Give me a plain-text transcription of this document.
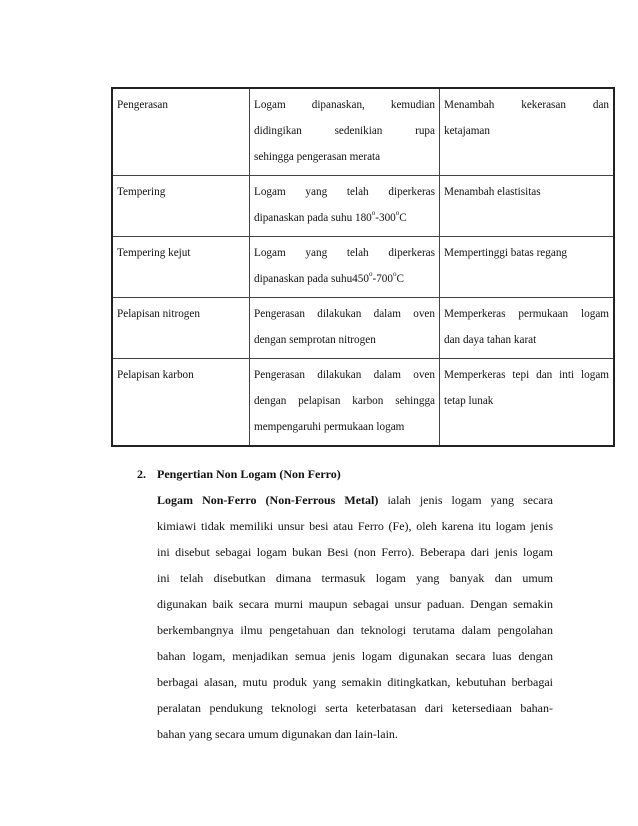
Pengerasan	Logam dipanaskan, kemudian
didingikan sedenikian rupa
sehingga pengerasan merata	Menambah kekerasan dan
ketajaman

Tempering	Logam yang telah diperkeras
dipanaskan pada suhu 180$^o$-300$^o$C	Menambah elastisitas

Tempering kejut	Logam yang telah diperkeras
dipanaskan pada suhu450$^o$-700$^o$C	Mempertinggi batas regang

Pelapisan nitrogen	Pengerasan dilakukan dalam oven
dengan semprotan nitrogen	Memperkeras permukaan logam
dan daya tahan karat

Pelapisan karbon	Pengerasan dilakukan dalam oven
dengan pelapisan karbon sehingga
mempengaruhi permukaan logam	Memperkeras tepi dan inti logam
tetap lunak
2. Pengertian Non Logam (Non Ferro)
Logam Non-Ferro (Non-Ferrous Metal) ialah jenis logam yang secara
kimiawi tidak memiliki unsur besi atau Ferro (Fe), oleh karena itu logam jenis
ini disebut sebagai logam bukan Besi (non Ferro). Beberapa dari jenis logam
ini telah disebutkan dimana termasuk logam yang banyak dan umum
digunakan baik secara murni maupun sebagai unsur paduan. Dengan semakin
berkembangnya ilmu pengetahuan dan teknologi terutama dalam pengolahan
bahan logam, menjadikan semua jenis logam digunakan secara luas dengan
berbagai alasan, mutu produk yang semakin ditingkatkan, kebutuhan berbagai
peralatan pendukung teknologi serta keterbatasan dari ketersediaan bahan-
bahan yang secara umum digunakan dan lain-lain.
